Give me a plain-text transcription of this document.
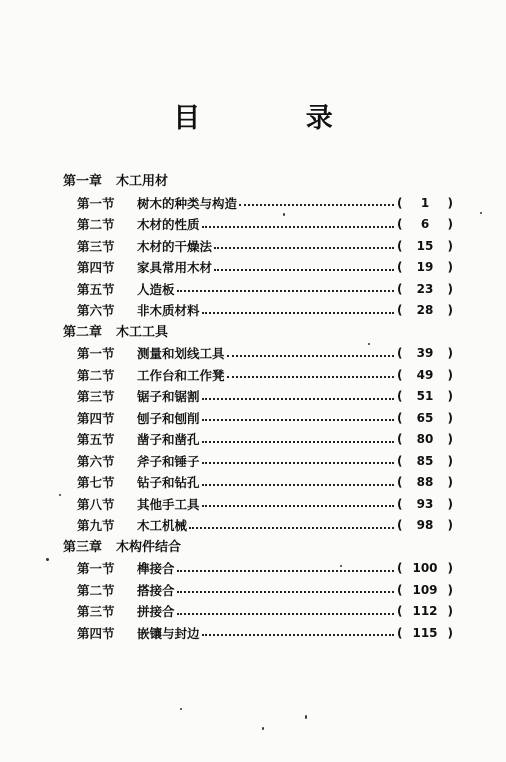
目 录
第一章 木工用材
第一节	树木的种类与构造	( 1 )
第二节	木材的性质	( 6 )
第三节	木材的干燥法	( 15 )
第四节	家具常用木材	( 19 )
第五节	人造板	( 23 )
第六节	非木质材料	( 28 )
第二章 木工工具
第一节	测量和划线工具	( 39 )
第二节	工作台和工作凳	( 49 )
第三节	锯子和锯割	( 51 )
第四节	刨子和刨削	( 65 )
第五节	凿子和凿孔	( 80 )
第六节	斧子和锤子	( 85 )
第七节	钻子和钻孔	( 88 )
第八节	其他手工具	( 93 )
第九节	木工机械	( 98 )
第三章 木构件结合
第一节	榫接合	( 100 )
第二节	搭接合	( 109 )
第三节	拼接合	( 112 )
第四节	嵌镶与封边	( 115 )
